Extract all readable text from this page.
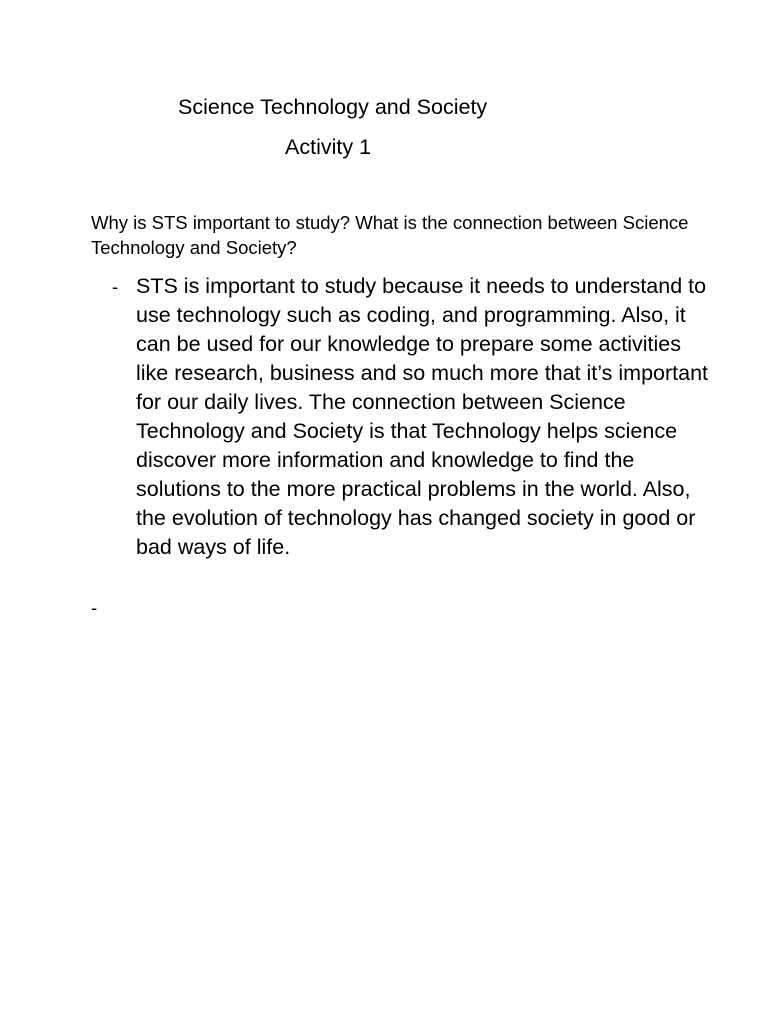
Science Technology and Society
Activity 1
Why is STS important to study? What is the connection between Science Technology and Society?
- STS is important to study because it needs to understand to use technology such as coding, and programming. Also, it can be used for our knowledge to prepare some activities like research, business and so much more that it’s important for our daily lives. The connection between Science Technology and Society is that Technology helps science discover more information and knowledge to find the solutions to the more practical problems in the world. Also, the evolution of technology has changed society in good or bad ways of life.
-
